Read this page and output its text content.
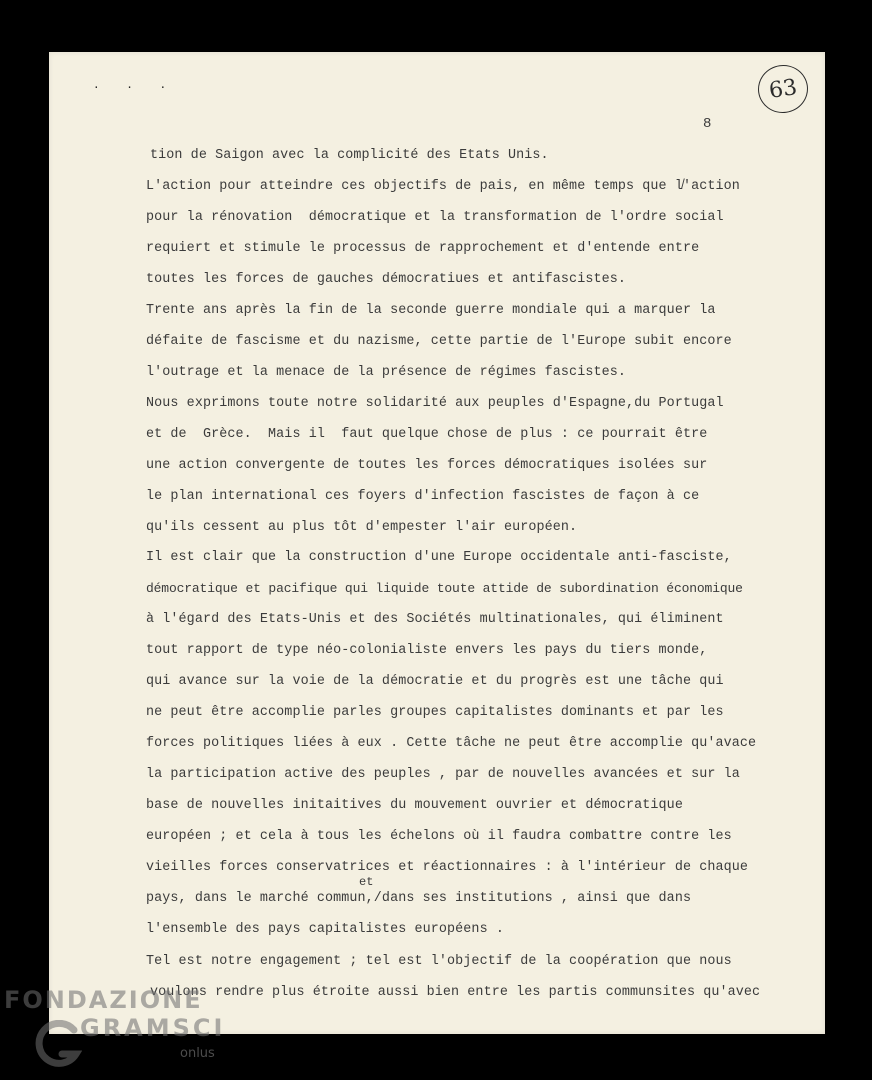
. . .	63
8
tion de Saigon avec la complicité des Etats Unis.
L'action pour atteindre ces objectifs de pais, en même temps que l̸'action
pour la rénovation  démocratique et la transformation de l'ordre social
requiert et stimule le processus de rapprochement et d'entende entre
toutes les forces de gauches démocratiues et antifascistes.
Trente ans après la fin de la seconde guerre mondiale qui a marquer la
défaite de fascisme et du nazisme, cette partie de l'Europe subit encore
l'outrage et la menace de la présence de régimes fascistes.
Nous exprimons toute notre solidarité aux peuples d'Espagne,du Portugal
et de  Grèce.  Mais il  faut quelque chose de plus : ce pourrait être
une action convergente de toutes les forces démocratiques isolées sur
le plan international ces foyers d'infection fascistes de façon à ce
qu'ils cessent au plus tôt d'empester l'air européen.
Il est clair que la construction d'une Europe occidentale anti-fasciste,
démocratique et pacifique qui liquide toute attide de subordination économique
à l'égard des Etats-Unis et des Sociétés multinationales, qui éliminent
tout rapport de type néo-colonialiste envers les pays du tiers monde,
qui avance sur la voie de la démocratie et du progrès est une tâche qui
ne peut être accomplie parles groupes capitalistes dominants et par les
forces politiques liées à eux . Cette tâche ne peut être accomplie qu'avace
la participation active des peuples , par de nouvelles avancées et sur la
base de nouvelles initaitives du mouvement ouvrier et démocratique
européen ; et cela à tous les échelons où il faudra combattre contre les
vieilles forces conservatrices et réactionnaires : à l'intérieur de chaque
et
pays, dans le marché commun,/dans ses institutions , ainsi que dans
l'ensemble des pays capitalistes européens .
Tel est notre engagement ; tel est l'objectif de la coopération que nous
voulons rendre plus étroite aussi bien entre les partis communsites qu'avec
FONDAZIONE
GRAMSCI
onlus
